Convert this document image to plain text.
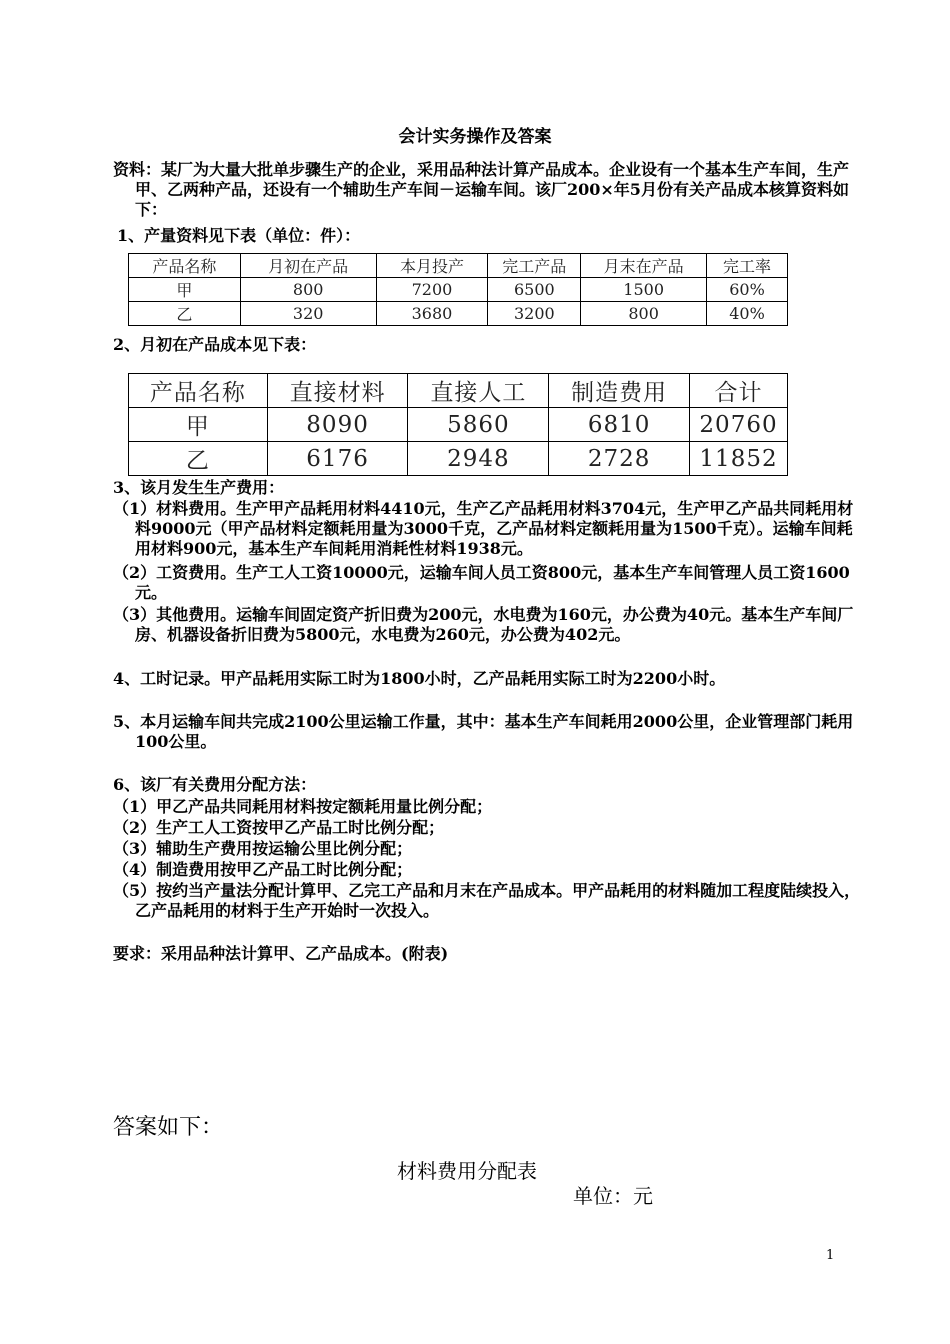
会计实务操作及答案

资料：某厂为大量大批单步骤生产的企业，采用品种法计算产品成本。企业设有一个基本生产车间，生产甲、乙两种产品，还设有一个辅助生产车间－运输车间。该厂200×年5月份有关产品成本核算资料如下：

1、产量资料见下表（单位：件）：

产品名称	月初在产品	本月投产	完工产品	月末在产品	完工率
甲	800	7200	6500	1500	60%
乙	320	3680	3200	800	40%

2、月初在产品成本见下表：

产品名称	直接材料	直接人工	制造费用	合计
甲	8090	5860	6810	20760
乙	6176	2948	2728	11852

3、该月发生生产费用：

（1）材料费用。生产甲产品耗用材料4410元，生产乙产品耗用材料3704元，生产甲乙产品共同耗用材料9000元（甲产品材料定额耗用量为3000千克，乙产品材料定额耗用量为1500千克）。运输车间耗用材料900元，基本生产车间耗用消耗性材料1938元。

（2）工资费用。生产工人工资10000元，运输车间人员工资800元，基本生产车间管理人员工资1600元。

（3）其他费用。运输车间固定资产折旧费为200元，水电费为160元，办公费为40元。基本生产车间厂房、机器设备折旧费为5800元，水电费为260元，办公费为402元。

4、工时记录。甲产品耗用实际工时为1800小时，乙产品耗用实际工时为2200小时。

5、本月运输车间共完成2100公里运输工作量，其中：基本生产车间耗用2000公里，企业管理部门耗用100公里。

6、该厂有关费用分配方法：

（1）甲乙产品共同耗用材料按定额耗用量比例分配；

（2）生产工人工资按甲乙产品工时比例分配；

（3）辅助生产费用按运输公里比例分配；

（4）制造费用按甲乙产品工时比例分配；

（5）按约当产量法分配计算甲、乙完工产品和月末在产品成本。甲产品耗用的材料随加工程度陆续投入，乙产品耗用的材料于生产开始时一次投入。

要求：采用品种法计算甲、乙产品成本。(附表)

答案如下：
材料费用分配表
单位：元
1
